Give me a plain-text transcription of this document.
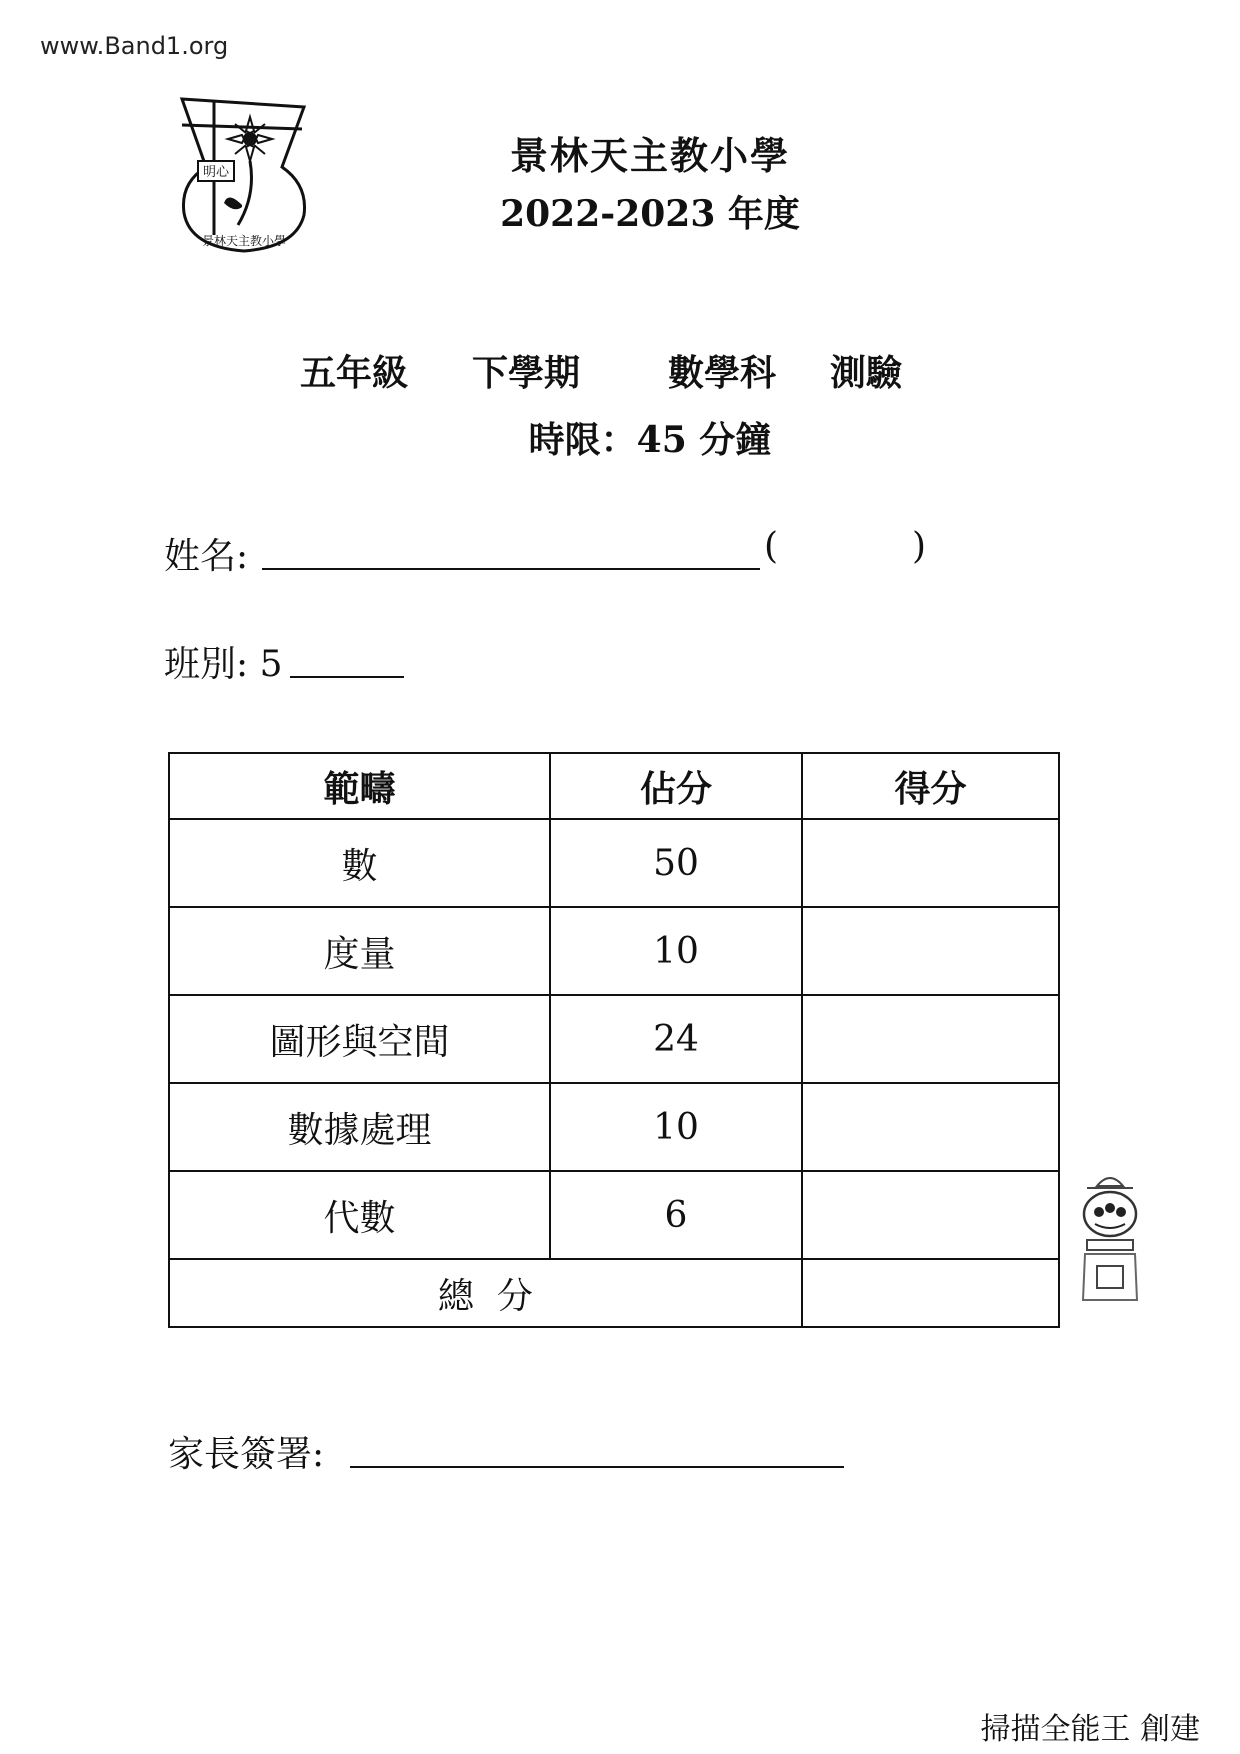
www.Band1.org
明心
景林天主教小學
景林天主教小學
2022-2023 年度
五年級 下學期 數學科 測驗
時限：45 分鐘
姓名:	(	)
班別: 5
範疇	佔分	得分
數	50	
度量	10	
圖形與空間	24	
數據處理	10	
代數	6	
總  分		
家長簽署:
掃描全能王 創建
